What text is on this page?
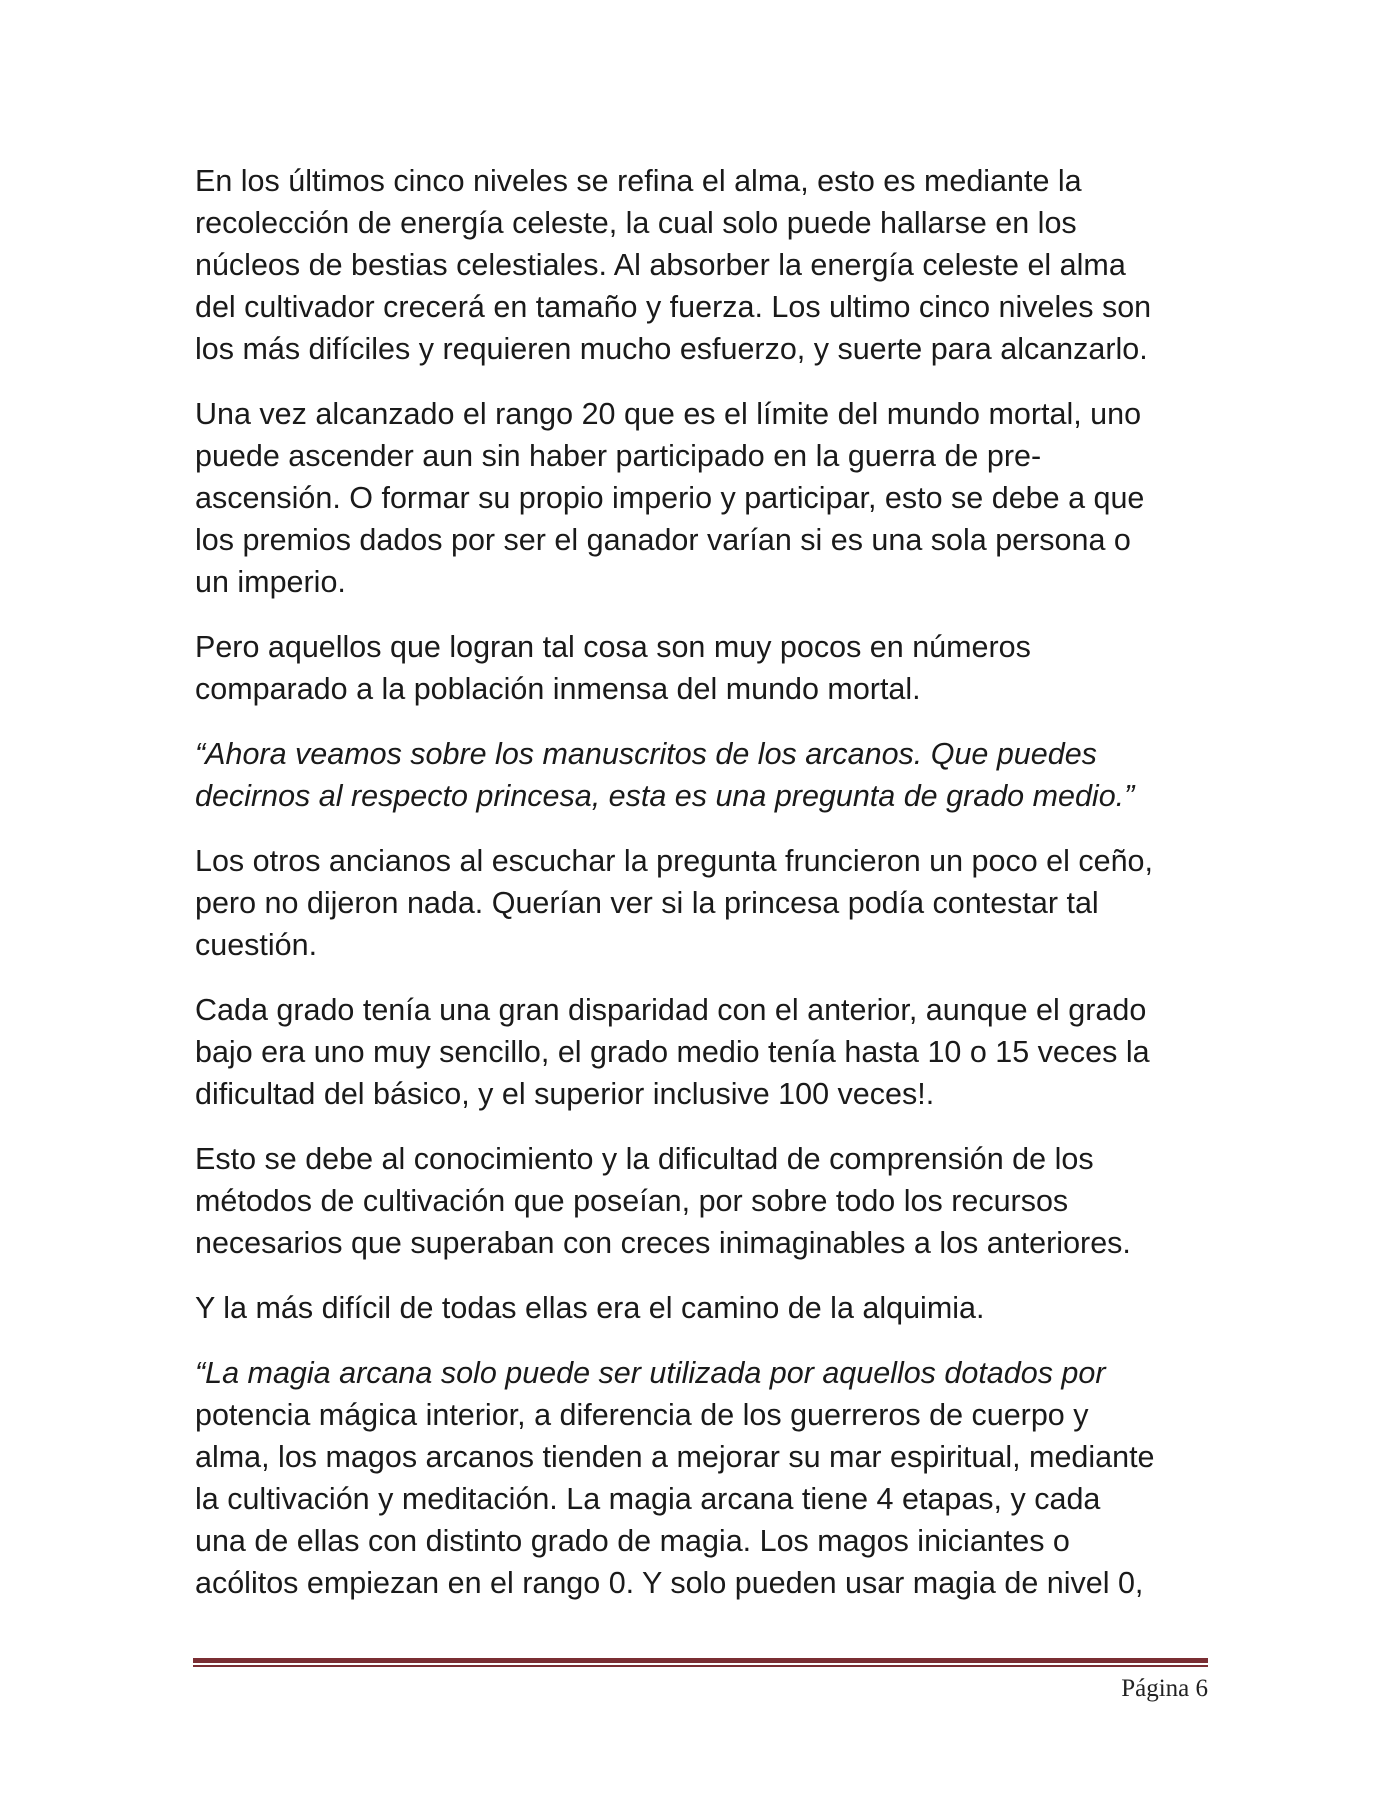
En los últimos cinco niveles se refina el alma, esto es mediante la
recolección de energía celeste, la cual solo puede hallarse en los
núcleos de bestias celestiales. Al absorber la energía celeste el alma
del cultivador crecerá en tamaño y fuerza. Los ultimo cinco niveles son
los más difíciles y requieren mucho esfuerzo, y suerte para alcanzarlo.

Una vez alcanzado el rango 20 que es el límite del mundo mortal, uno
puede ascender aun sin haber participado en la guerra de pre-
ascensión. O formar su propio imperio y participar, esto se debe a que
los premios dados por ser el ganador varían si es una sola persona o
un imperio.

Pero aquellos que logran tal cosa son muy pocos en números
comparado a la población inmensa del mundo mortal.

“Ahora veamos sobre los manuscritos de los arcanos. Que puedes
decirnos al respecto princesa, esta es una pregunta de grado medio.”

Los otros ancianos al escuchar la pregunta fruncieron un poco el ceño,
pero no dijeron nada. Querían ver si la princesa podía contestar tal
cuestión.

Cada grado tenía una gran disparidad con el anterior, aunque el grado
bajo era uno muy sencillo, el grado medio tenía hasta 10 o 15 veces la
dificultad del básico, y el superior inclusive 100 veces!.

Esto se debe al conocimiento y la dificultad de comprensión de los
métodos de cultivación que poseían, por sobre todo los recursos
necesarios que superaban con creces inimaginables a los anteriores.

Y la más difícil de todas ellas era el camino de la alquimia.

“La magia arcana solo puede ser utilizada por aquellos dotados por
potencia mágica interior, a diferencia de los guerreros de cuerpo y
alma, los magos arcanos tienden a mejorar su mar espiritual, mediante
la cultivación y meditación. La magia arcana tiene 4 etapas, y cada
una de ellas con distinto grado de magia. Los magos iniciantes o
acólitos empiezan en el rango 0. Y solo pueden usar magia de nivel 0,

Página 6
